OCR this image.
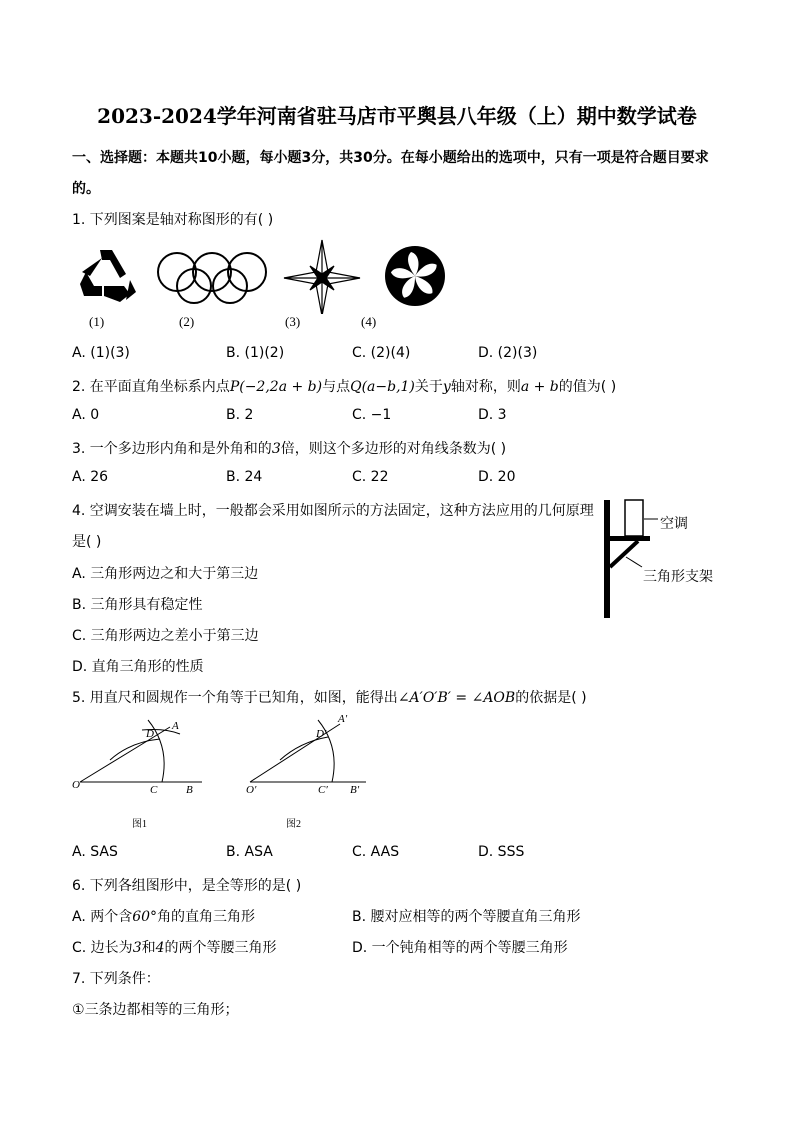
2023-2024学年河南省驻马店市平舆县八年级（上）期中数学试卷
一、选择题：本题共10小题，每小题3分，共30分。在每小题给出的选项中，只有一项是符合题目要求
的。
1. 下列图案是轴对称图形的有( )
(1)	(2)	(3)	(4)
A. (1)(3)	B. (1)(2)	C. (2)(4)	D. (2)(3)
2. 在平面直角坐标系内点P(−2,2a + b)与点Q(a−b,1)关于y轴对称，则a + b的值为( )
A. 0	B. 2	C. −1	D. 3
3. 一个多边形内角和是外角和的3倍，则这个多边形的对角线条数为( )
A. 26	B. 24	C. 22	D. 20
4. 空调安装在墙上时，一般都会采用如图所示的方法固定，这种方法应用的几何原理
是( )
A. 三角形两边之和大于第三边
B. 三角形具有稳定性
C. 三角形两边之差小于第三边
D. 直角三角形的性质
空调
三角形支架
5. 用直尺和圆规作一个角等于已知角，如图，能得出∠A′O′B′ = ∠AOB的依据是( )
O
A
B
C
D
图1
O′
A′
B′
C′
D′
图2
A. SAS	B. ASA	C. AAS	D. SSS
6. 下列各组图形中，是全等形的是( )
A. 两个含60°角的直角三角形	B. 腰对应相等的两个等腰直角三角形
C. 边长为3和4的两个等腰三角形	D. 一个钝角相等的两个等腰三角形
7. 下列条件：
①三条边都相等的三角形；
